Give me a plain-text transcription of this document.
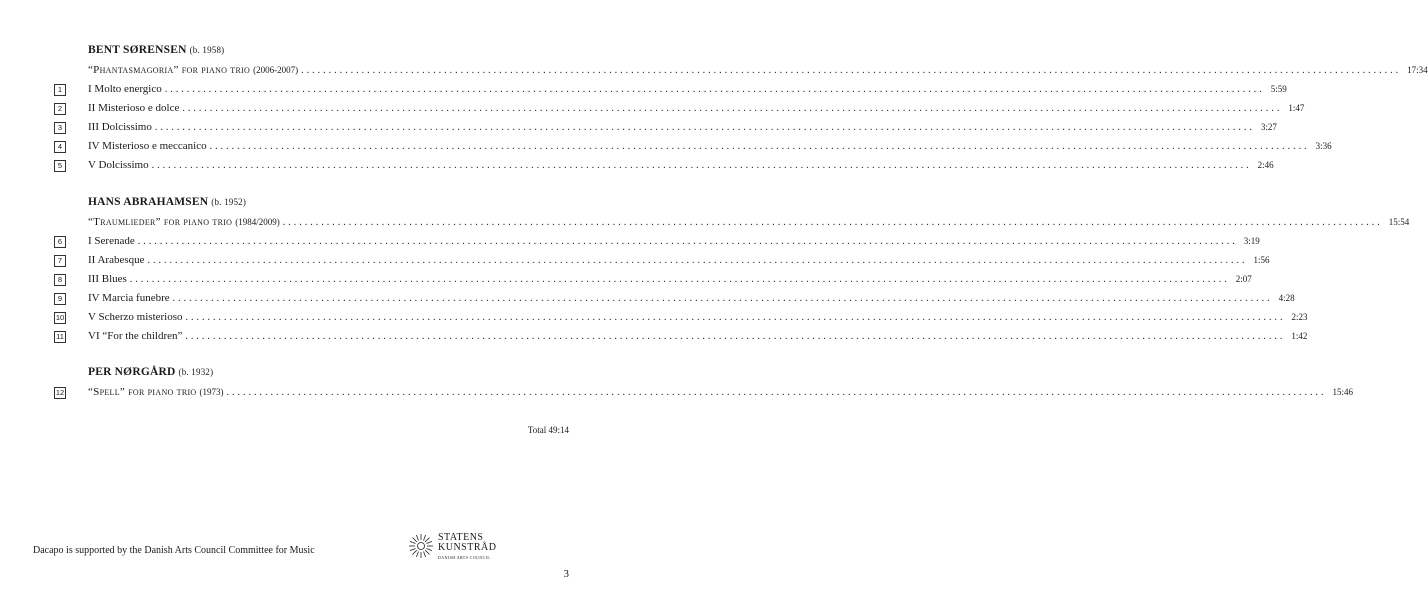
BENT SØRENSEN (b. 1958)
“Phantasmagoria” for piano trio (2006-2007) ........................................................................................................................................................................................................ 17:34
1	I Molto energico ........................................................................................................................................................................................................ 5:59
2	II Misterioso e dolce ........................................................................................................................................................................................................ 1:47
3	III Dolcissimo ........................................................................................................................................................................................................ 3:27
4	IV Misterioso e meccanico ........................................................................................................................................................................................................ 3:36
5	V Dolcissimo ........................................................................................................................................................................................................ 2:46
HANS ABRAHAMSEN (b. 1952)
“Traumlieder” for piano trio (1984/2009) ........................................................................................................................................................................................................ 15:54
6	I Serenade ........................................................................................................................................................................................................ 3:19
7	II Arabesque ........................................................................................................................................................................................................ 1:56
8	III Blues ........................................................................................................................................................................................................ 2:07
9	IV Marcia funebre ........................................................................................................................................................................................................ 4:28
10 V Scherzo misterioso ........................................................................................................................................................................................................ 2:23
11 VI “For the children” ........................................................................................................................................................................................................ 1:42
PER NØRGÅRD (b. 1932)
12 “Spell” for piano trio (1973) ........................................................................................................................................................................................................ 15:46
Total 49:14
Dacapo is supported by the Danish Arts Council Committee for Music
STATENS
KUNSTRÅD
DANISH ARTS COUNCIL
3
